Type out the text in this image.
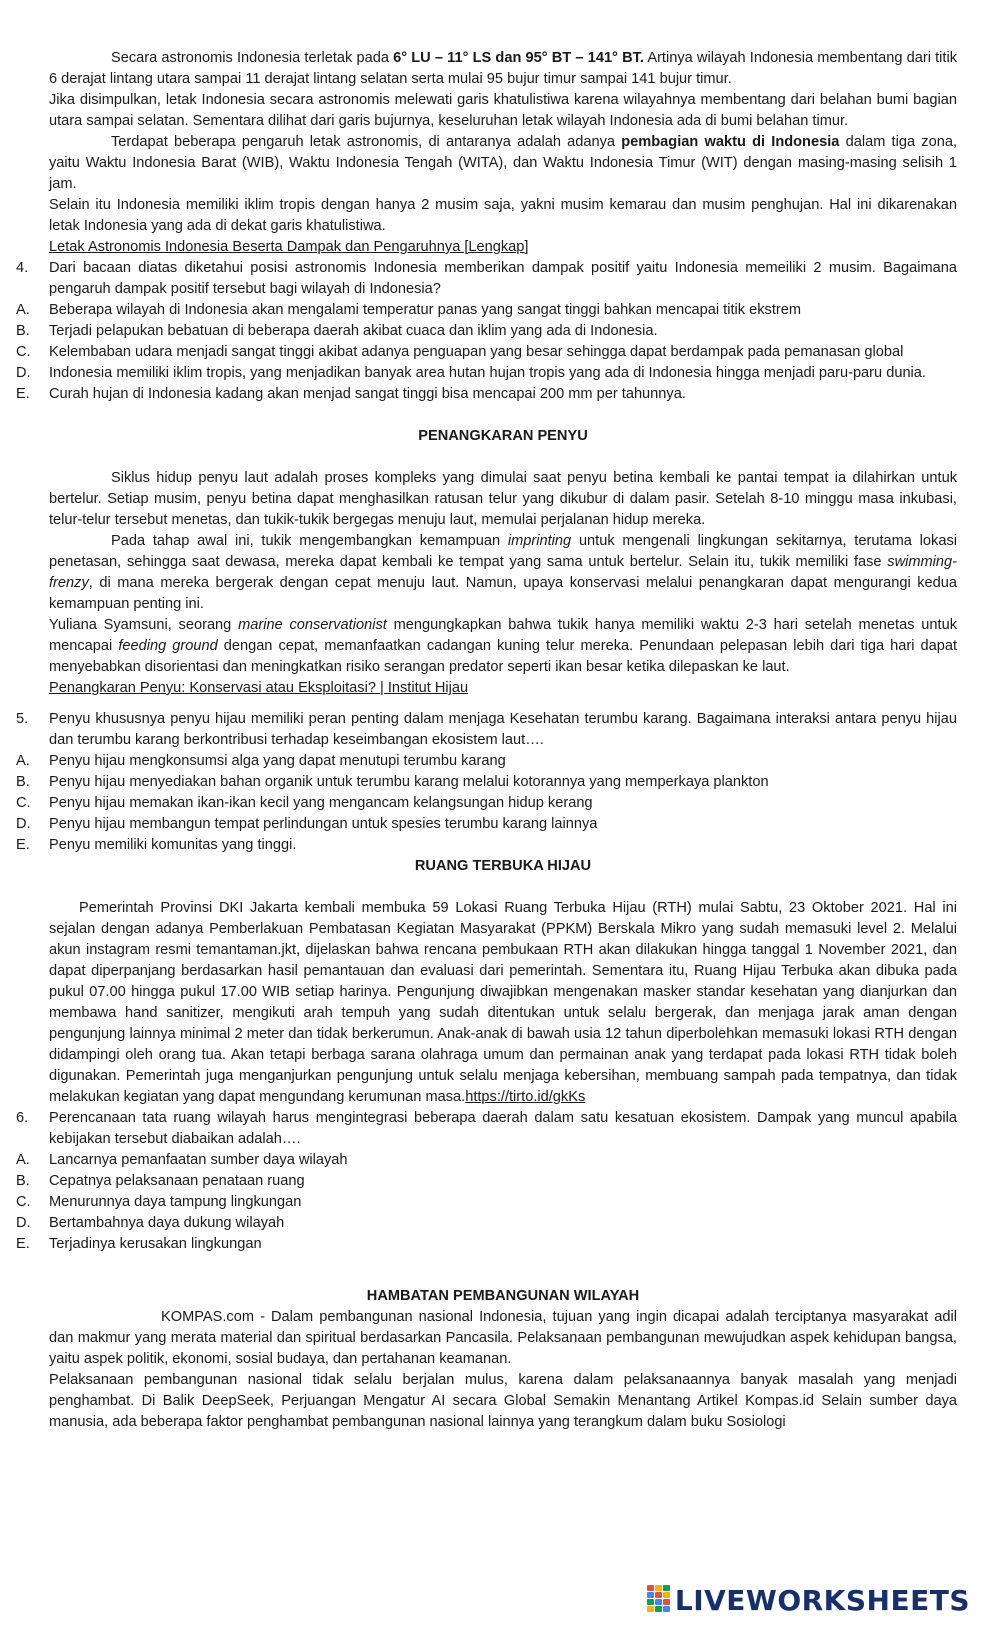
Secara astronomis Indonesia terletak pada 6° LU – 11° LS dan 95° BT – 141° BT. Artinya wilayah Indonesia membentang dari titik 6 derajat lintang utara sampai 11 derajat lintang selatan serta mulai 95 bujur timur sampai 141 bujur timur.

Jika disimpulkan, letak Indonesia secara astronomis melewati garis khatulistiwa karena wilayahnya membentang dari belahan bumi bagian utara sampai selatan. Sementara dilihat dari garis bujurnya, keseluruhan letak wilayah Indonesia ada di bumi belahan timur.

Terdapat beberapa pengaruh letak astronomis, di antaranya adalah adanya pembagian waktu di Indonesia dalam tiga zona, yaitu Waktu Indonesia Barat (WIB), Waktu Indonesia Tengah (WITA), dan Waktu Indonesia Timur (WIT) dengan masing-masing selisih 1 jam.

Selain itu Indonesia memiliki iklim tropis dengan hanya 2 musim saja, yakni musim kemarau dan musim penghujan. Hal ini dikarenakan letak Indonesia yang ada di dekat garis khatulistiwa.

Letak Astronomis Indonesia Beserta Dampak dan Pengaruhnya [Lengkap]

4. Dari bacaan diatas diketahui posisi astronomis Indonesia memberikan dampak positif yaitu Indonesia memeiliki 2 musim. Bagaimana pengaruh dampak positif tersebut bagi wilayah di Indonesia?
A. Beberapa wilayah di Indonesia akan mengalami temperatur panas yang sangat tinggi bahkan mencapai titik ekstrem
B. Terjadi pelapukan bebatuan di beberapa daerah akibat cuaca dan iklim yang ada di Indonesia.
C. Kelembaban udara menjadi sangat tinggi akibat adanya penguapan yang besar sehingga dapat berdampak pada pemanasan global
D. Indonesia memiliki iklim tropis, yang menjadikan banyak area hutan hujan tropis yang ada di Indonesia hingga menjadi paru-paru dunia.
E. Curah hujan di Indonesia kadang akan menjad sangat tinggi bisa mencapai 200 mm per tahunnya.

PENANGKARAN PENYU

Siklus hidup penyu laut adalah proses kompleks yang dimulai saat penyu betina kembali ke pantai tempat ia dilahirkan untuk bertelur. Setiap musim, penyu betina dapat menghasilkan ratusan telur yang dikubur di dalam pasir. Setelah 8-10 minggu masa inkubasi, telur-telur tersebut menetas, dan tukik-tukik bergegas menuju laut, memulai perjalanan hidup mereka.

Pada tahap awal ini, tukik mengembangkan kemampuan imprinting untuk mengenali lingkungan sekitarnya, terutama lokasi penetasan, sehingga saat dewasa, mereka dapat kembali ke tempat yang sama untuk bertelur. Selain itu, tukik memiliki fase swimming-frenzy, di mana mereka bergerak dengan cepat menuju laut. Namun, upaya konservasi melalui penangkaran dapat mengurangi kedua kemampuan penting ini.

Yuliana Syamsuni, seorang marine conservationist mengungkapkan bahwa tukik hanya memiliki waktu 2-3 hari setelah menetas untuk mencapai feeding ground dengan cepat, memanfaatkan cadangan kuning telur mereka. Penundaan pelepasan lebih dari tiga hari dapat menyebabkan disorientasi dan meningkatkan risiko serangan predator seperti ikan besar ketika dilepaskan ke laut.

Penangkaran Penyu: Konservasi atau Eksploitasi? | Institut Hijau

5. Penyu khususnya penyu hijau memiliki peran penting dalam menjaga Kesehatan terumbu karang. Bagaimana interaksi antara penyu hijau dan terumbu karang berkontribusi terhadap keseimbangan ekosistem laut….
A. Penyu hijau mengkonsumsi alga yang dapat menutupi terumbu karang
B. Penyu hijau menyediakan bahan organik untuk terumbu karang melalui kotorannya yang memperkaya plankton
C. Penyu hijau memakan ikan-ikan kecil yang mengancam kelangsungan hidup kerang
D. Penyu hijau membangun tempat perlindungan untuk spesies terumbu karang lainnya
E. Penyu memiliki komunitas yang tinggi.

RUANG TERBUKA HIJAU

Pemerintah Provinsi DKI Jakarta kembali membuka 59 Lokasi Ruang Terbuka Hijau (RTH) mulai Sabtu, 23 Oktober 2021. Hal ini sejalan dengan adanya Pemberlakuan Pembatasan Kegiatan Masyarakat (PPKM) Berskala Mikro yang sudah memasuki level 2. Melalui akun instagram resmi temantaman.jkt, dijelaskan bahwa rencana pembukaan RTH akan dilakukan hingga tanggal 1 November 2021, dan dapat diperpanjang berdasarkan hasil pemantauan dan evaluasi dari pemerintah. Sementara itu, Ruang Hijau Terbuka akan dibuka pada pukul 07.00 hingga pukul 17.00 WIB setiap harinya. Pengunjung diwajibkan mengenakan masker standar kesehatan yang dianjurkan dan membawa hand sanitizer, mengikuti arah tempuh yang sudah ditentukan untuk selalu bergerak, dan menjaga jarak aman dengan pengunjung lainnya minimal 2 meter dan tidak berkerumun. Anak-anak di bawah usia 12 tahun diperbolehkan memasuki lokasi RTH dengan didampingi oleh orang tua. Akan tetapi berbaga sarana olahraga umum dan permainan anak yang terdapat pada lokasi RTH tidak boleh digunakan. Pemerintah juga menganjurkan pengunjung untuk selalu menjaga kebersihan, membuang sampah pada tempatnya, dan tidak melakukan kegiatan yang dapat mengundang kerumunan masa.https://tirto.id/gkKs

6. Perencanaan tata ruang wilayah harus mengintegrasi beberapa daerah dalam satu kesatuan ekosistem. Dampak yang muncul apabila kebijakan tersebut diabaikan adalah….
A. Lancarnya pemanfaatan sumber daya wilayah
B. Cepatnya pelaksanaan penataan ruang
C. Menurunnya daya tampung lingkungan
D. Bertambahnya daya dukung wilayah
E. Terjadinya kerusakan lingkungan

HAMBATAN PEMBANGUNAN WILAYAH

KOMPAS.com - Dalam pembangunan nasional Indonesia, tujuan yang ingin dicapai adalah terciptanya masyarakat adil dan makmur yang merata material dan spiritual berdasarkan Pancasila. Pelaksanaan pembangunan mewujudkan aspek kehidupan bangsa, yaitu aspek politik, ekonomi, sosial budaya, dan pertahanan keamanan.

Pelaksanaan pembangunan nasional tidak selalu berjalan mulus, karena dalam pelaksanaannya banyak masalah yang menjadi penghambat. Di Balik DeepSeek, Perjuangan Mengatur AI secara Global Semakin Menantang Artikel Kompas.id Selain sumber daya manusia, ada beberapa faktor penghambat pembangunan nasional lainnya yang terangkum dalam buku Sosiologi

LIVEWORKSHEETS
